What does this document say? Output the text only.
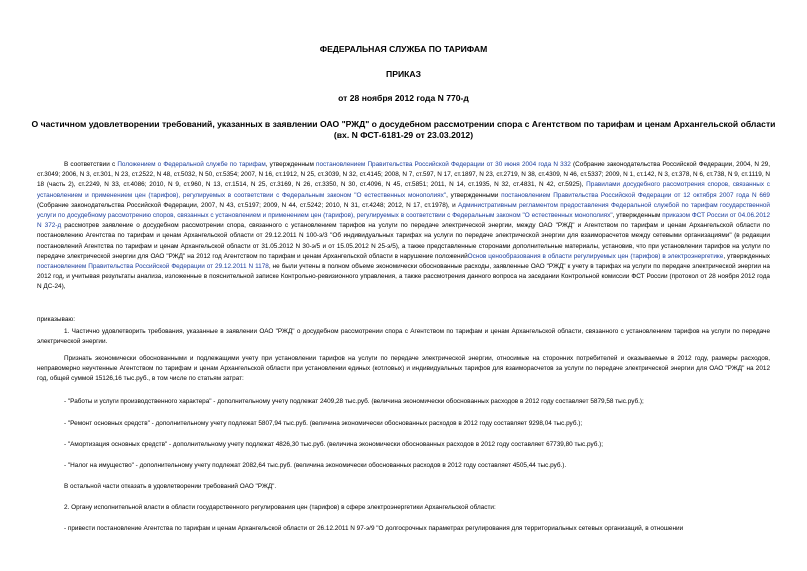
ФЕДЕРАЛЬНАЯ СЛУЖБА ПО ТАРИФАМ
ПРИКАЗ
от 28 ноября 2012 года N 770-д
О частичном удовлетворении требований, указанных в заявлении ОАО "РЖД" о досудебном рассмотрении спора с Агентством по тарифам и ценам Архангельской области (вх. N ФСТ-6181-29 от 23.03.2012)
В соответствии с Положением о Федеральной службе по тарифам, утвержденным постановлением Правительства Российской Федерации от 30 июня 2004 года N 332 (Собрание законодательства Российской Федерации, 2004, N 29, ст.3049; 2006, N 3, ст.301, N 23, ст.2522, N 48, ст.5032, N 50, ст.5354; 2007, N 16, ст.1912, N 25, ст.3039, N 32, ст.4145; 2008, N 7, ст.597, N 17, ст.1897, N 23, ст.2719, N 38, ст.4309, N 46, ст.5337; 2009, N 1, ст.142, N 3, ст.378, N 6, ст.738, N 9, ст.1119, N 18 (часть 2), ст.2249, N 33, ст.4086; 2010, N 9, ст.960, N 13, ст.1514, N 25, ст.3169, N 26, ст.3350, N 30, ст.4096, N 45, ст.5851; 2011, N 14, ст.1935, N 32, ст.4831, N 42, ст.5925), Правилами досудебного рассмотрения споров, связанных с установлением и применением цен (тарифов), регулируемых в соответствии с Федеральным законом "О естественных монополиях", утвержденными постановлением Правительства Российской Федерации от 12 октября 2007 года N 669 (Собрание законодательства Российской Федерации, 2007, N 43, ст.5197; 2009, N 44, ст.5242; 2010, N 31, ст.4248; 2012, N 17, ст.1978), и Административным регламентом предоставления Федеральной службой по тарифам государственной услуги по досудебному рассмотрению споров, связанных с установлением и применением цен (тарифов), регулируемых в соответствии с Федеральным законом "О естественных монополиях", утвержденным приказом ФСТ России от 04.06.2012 N 372-д рассмотрев заявление о досудебном рассмотрении спора, связанного с установлением тарифов на услуги по передаче электрической энергии, между ОАО "РЖД" и Агентством по тарифам и ценам Архангельской области по постановлению Агентства по тарифам и ценам Архангельской области от 29.12.2011 N 100-э/3 "Об индивидуальных тарифах на услуги по передаче электрической энергии для взаиморасчетов между сетевыми организациями" (в редакции постановлений Агентства по тарифам и ценам Архангельской области от 31.05.2012 N 30-э/5 и от 15.05.2012 N 25-э/5), а также представленные сторонами дополнительные материалы, установив, что при установлении тарифов на услуги по передаче электрической энергии для ОАО "РЖД" на 2012 год Агентством по тарифам и ценам Архангельской области в нарушение положенийОснов ценообразования в области регулируемых цен (тарифов) в электроэнергетике, утвержденных постановлением Правительства Российской Федерации от 29.12.2011 N 1178, не были учтены в полном объеме экономически обоснованные расходы, заявленные ОАО "РЖД" к учету в тарифах на услуги по передаче электрической энергии на 2012 год, и учитывая результаты анализа, изложенные в пояснительной записке Контрольно-ревизионного управления, а также рассмотрения данного вопроса на заседании Контрольной комиссии ФСТ России (протокол от 28 ноября 2012 года N ДС-24),
приказываю:
1. Частично удовлетворить требования, указанные в заявлении ОАО "РЖД" о досудебном рассмотрении спора с Агентством по тарифам и ценам Архангельской области, связанного с установлением тарифов на услуги по передаче электрической энергии.
Признать экономически обоснованными и подлежащими учету при установлении тарифов на услуги по передаче электрической энергии, относимые на сторонних потребителей и оказываемые в 2012 году, размеры расходов, неправомерно неучтенные Агентством по тарифам и ценам Архангельской области при установлении единых (котловых) и индивидуальных тарифов для взаиморасчетов за услуги по передаче электрической энергии для ОАО "РЖД" на 2012 год, общей суммой 15126,16 тыс.руб., в том числе по статьям затрат:
- "Работы и услуги производственного характера" - дополнительному учету подлежат 2409,28 тыс.руб. (величина экономически обоснованных расходов в 2012 году составляет 5879,58 тыс.руб.);
- "Ремонт основных средств" - дополнительному учету подлежат 5807,94 тыс.руб. (величина экономически обоснованных расходов в 2012 году составляет 9298,04 тыс.руб.);
- "Амортизация основных средств" - дополнительному учету подлежат 4826,30 тыс.руб. (величина экономически обоснованных расходов в 2012 году составляет 67739,80 тыс.руб.);
- "Налог на имущество" - дополнительному учету подлежат 2082,64 тыс.руб. (величина экономически обоснованных расходов в 2012 году составляет 4505,44 тыс.руб.).
В остальной части отказать в удовлетворении требований ОАО "РЖД".
2. Органу исполнительной власти в области государственного регулирования цен (тарифов) в сфере электроэнергетики Архангельской области:
- привести постановление Агентства по тарифам и ценам Архангельской области от 26.12.2011 N 97-э/9 "О долгосрочных параметрах регулирования для территориальных сетевых организаций, в отношении
